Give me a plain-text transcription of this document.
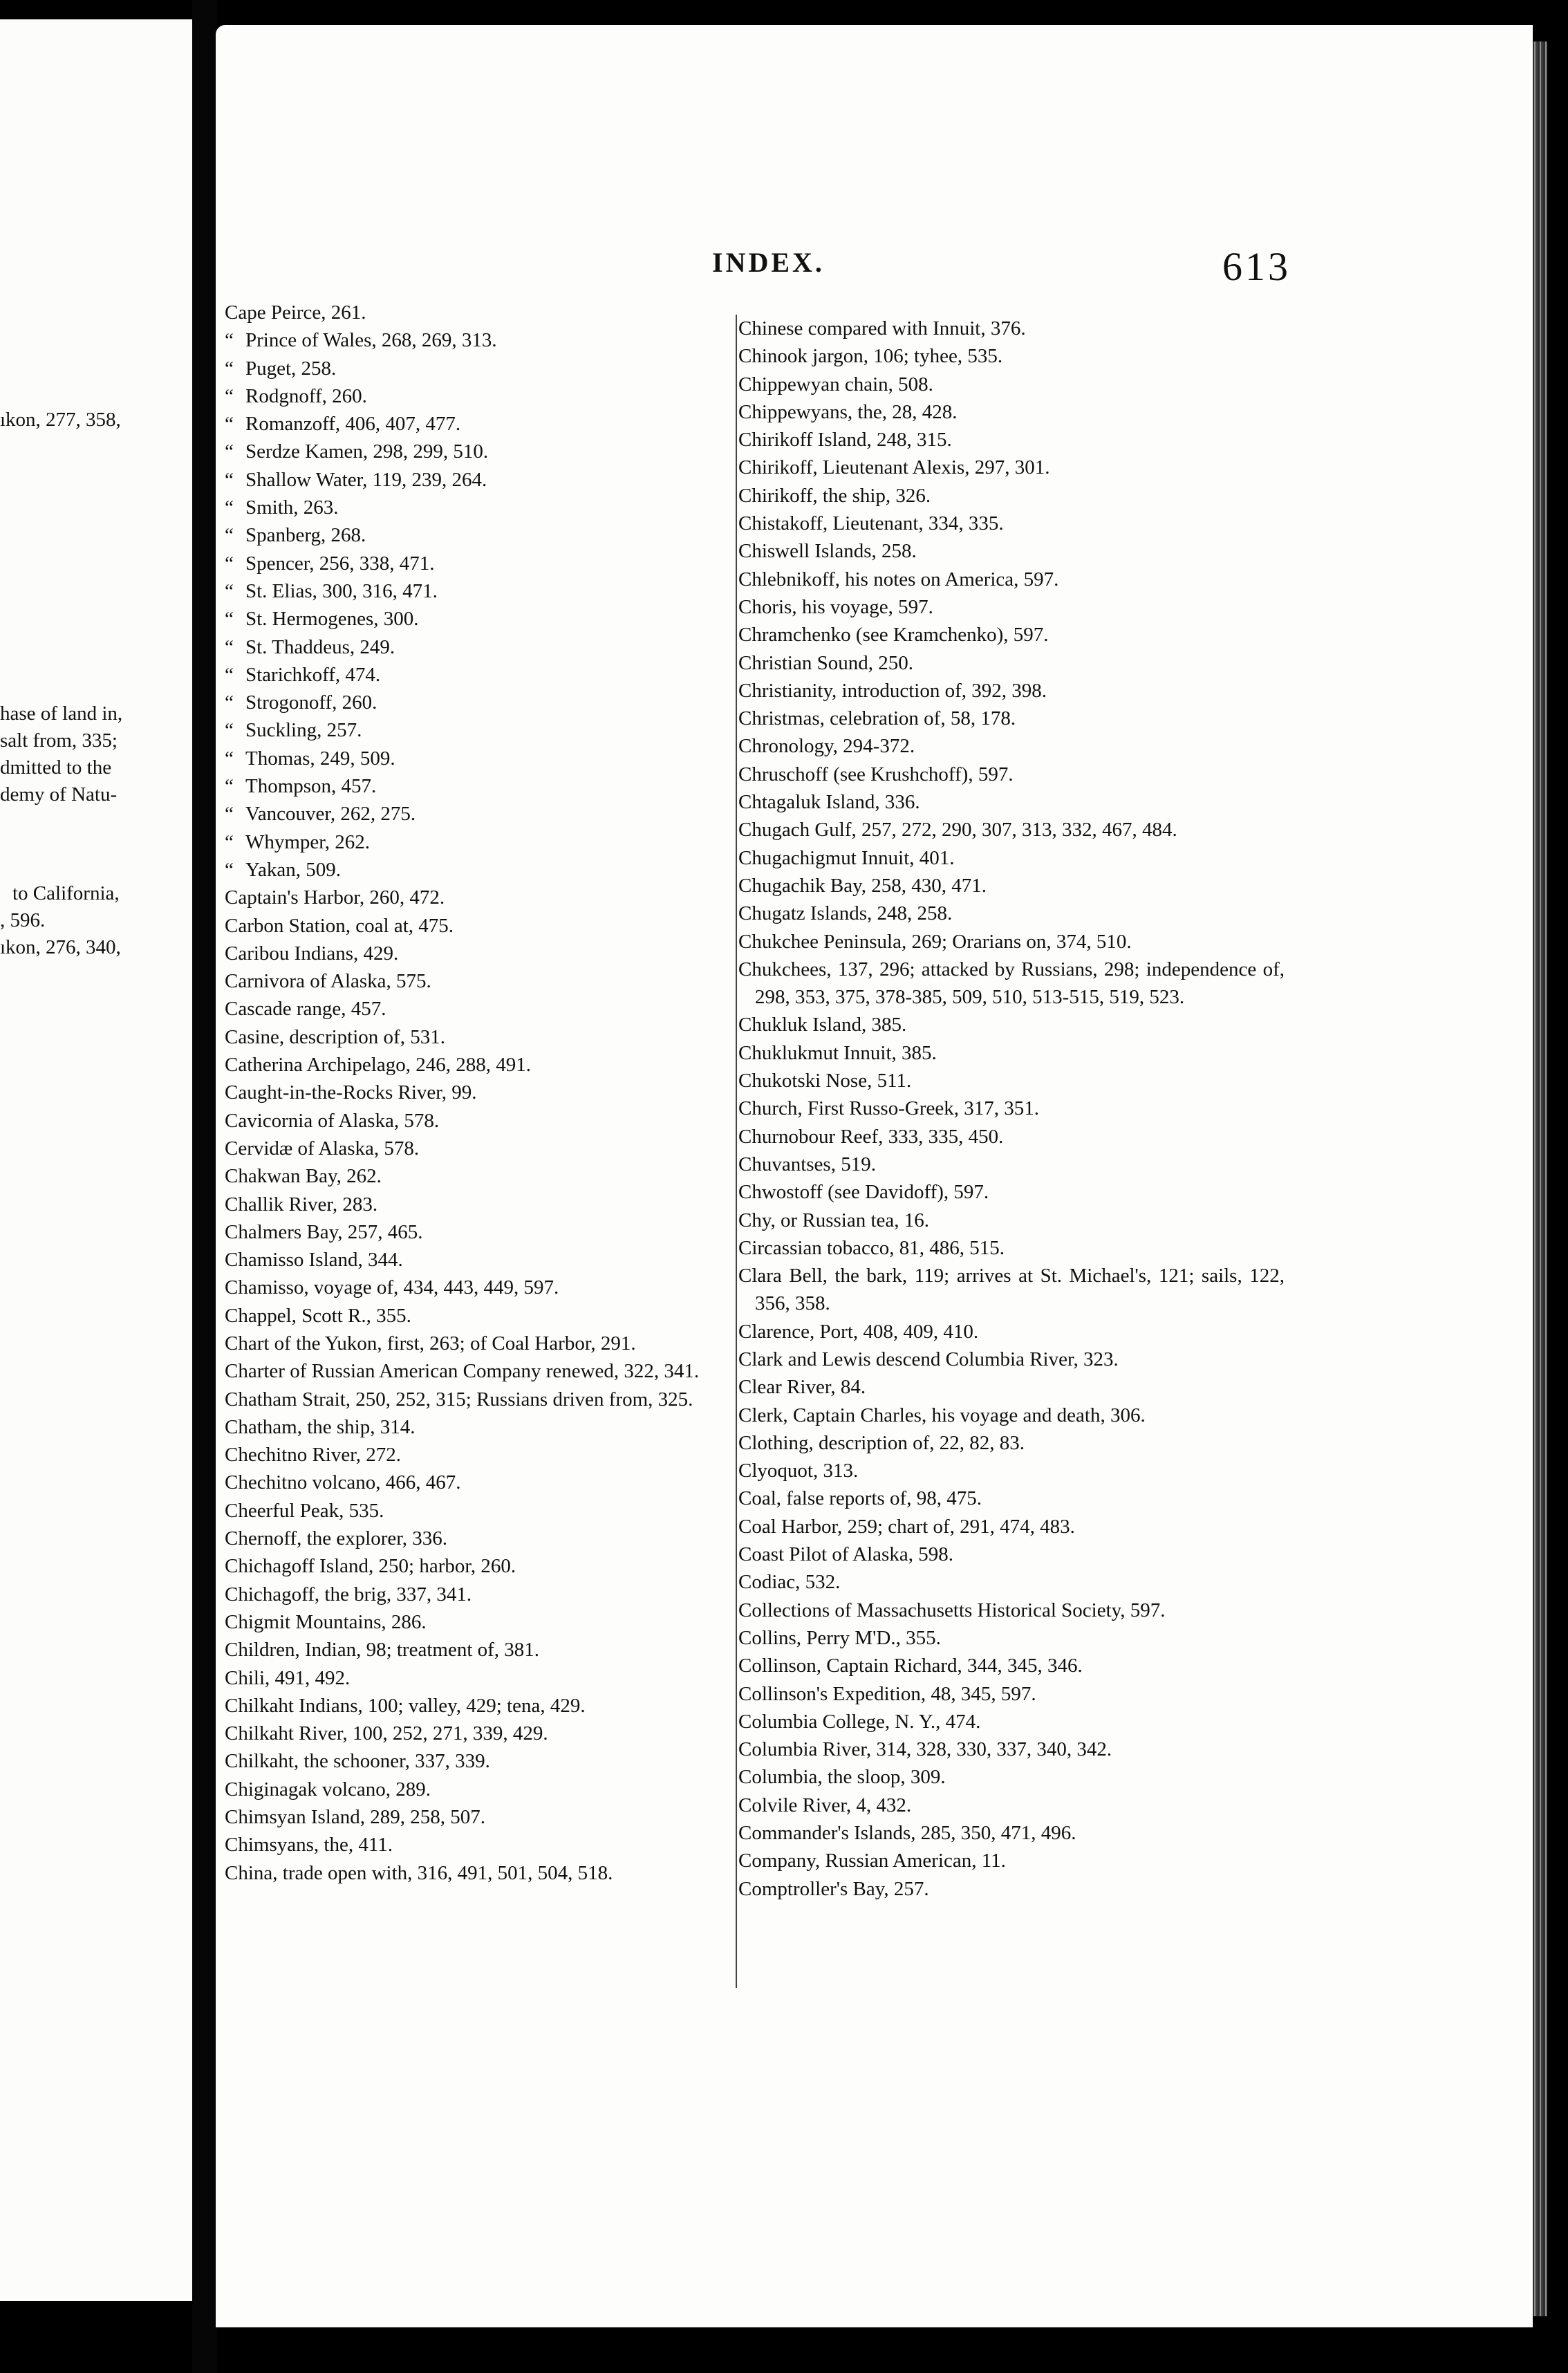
ıkon, 277, 358,
hase of land in,
salt from, 335;
dmitted to the
demy of Natu-
to California,
, 596.
ıkon, 276, 340,
INDEX.	613
Cape Peirce, 261.
“ Prince of Wales, 268, 269, 313.
“ Puget, 258.
“ Rodgnoff, 260.
“ Romanzoff, 406, 407, 477.
“ Serdze Kamen, 298, 299, 510.
“ Shallow Water, 119, 239, 264.
“ Smith, 263.
“ Spanberg, 268.
“ Spencer, 256, 338, 471.
“ St. Elias, 300, 316, 471.
“ St. Hermogenes, 300.
“ St. Thaddeus, 249.
“ Starichkoff, 474.
“ Strogonoff, 260.
“ Suckling, 257.
“ Thomas, 249, 509.
“ Thompson, 457.
“ Vancouver, 262, 275.
“ Whymper, 262.
“ Yakan, 509.
Captain's Harbor, 260, 472.
Carbon Station, coal at, 475.
Caribou Indians, 429.
Carnivora of Alaska, 575.
Cascade range, 457.
Casine, description of, 531.
Catherina Archipelago, 246, 288, 491.
Caught-in-the-Rocks River, 99.
Cavicornia of Alaska, 578.
Cervidæ of Alaska, 578.
Chakwan Bay, 262.
Challik River, 283.
Chalmers Bay, 257, 465.
Chamisso Island, 344.
Chamisso, voyage of, 434, 443, 449, 597.
Chappel, Scott R., 355.
Chart of the Yukon, first, 263; of Coal Harbor, 291.
Charter of Russian American Company renewed, 322, 341.
Chatham Strait, 250, 252, 315; Russians driven from, 325.
Chatham, the ship, 314.
Chechitno River, 272.
Chechitno volcano, 466, 467.
Cheerful Peak, 535.
Chernoff, the explorer, 336.
Chichagoff Island, 250; harbor, 260.
Chichagoff, the brig, 337, 341.
Chigmit Mountains, 286.
Children, Indian, 98; treatment of, 381.
Chili, 491, 492.
Chilkaht Indians, 100; valley, 429; tena, 429.
Chilkaht River, 100, 252, 271, 339, 429.
Chilkaht, the schooner, 337, 339.
Chiginagak volcano, 289.
Chimsyan Island, 289, 258, 507.
Chimsyans, the, 411.
China, trade open with, 316, 491, 501, 504, 518.
Chinese compared with Innuit, 376.
Chinook jargon, 106; tyhee, 535.
Chippewyan chain, 508.
Chippewyans, the, 28, 428.
Chirikoff Island, 248, 315.
Chirikoff, Lieutenant Alexis, 297, 301.
Chirikoff, the ship, 326.
Chistakoff, Lieutenant, 334, 335.
Chiswell Islands, 258.
Chlebnikoff, his notes on America, 597.
Choris, his voyage, 597.
Chramchenko (see Kramchenko), 597.
Christian Sound, 250.
Christianity, introduction of, 392, 398.
Christmas, celebration of, 58, 178.
Chronology, 294-372.
Chruschoff (see Krushchoff), 597.
Chtagaluk Island, 336.
Chugach Gulf, 257, 272, 290, 307, 313, 332, 467, 484.
Chugachigmut Innuit, 401.
Chugachik Bay, 258, 430, 471.
Chugatz Islands, 248, 258.
Chukchee Peninsula, 269; Orarians on, 374, 510.
Chukchees, 137, 296; attacked by Russians, 298; independence of, 298, 353, 375, 378-385, 509, 510, 513-515, 519, 523.
Chukluk Island, 385.
Chuklukmut Innuit, 385.
Chukotski Nose, 511.
Church, First Russo-Greek, 317, 351.
Churnobour Reef, 333, 335, 450.
Chuvantses, 519.
Chwostoff (see Davidoff), 597.
Chy, or Russian tea, 16.
Circassian tobacco, 81, 486, 515.
Clara Bell, the bark, 119; arrives at St. Michael's, 121; sails, 122, 356, 358.
Clarence, Port, 408, 409, 410.
Clark and Lewis descend Columbia River, 323.
Clear River, 84.
Clerk, Captain Charles, his voyage and death, 306.
Clothing, description of, 22, 82, 83.
Clyoquot, 313.
Coal, false reports of, 98, 475.
Coal Harbor, 259; chart of, 291, 474, 483.
Coast Pilot of Alaska, 598.
Codiac, 532.
Collections of Massachusetts Historical Society, 597.
Collins, Perry M'D., 355.
Collinson, Captain Richard, 344, 345, 346.
Collinson's Expedition, 48, 345, 597.
Columbia College, N. Y., 474.
Columbia River, 314, 328, 330, 337, 340, 342.
Columbia, the sloop, 309.
Colvile River, 4, 432.
Commander's Islands, 285, 350, 471, 496.
Company, Russian American, 11.
Comptroller's Bay, 257.
